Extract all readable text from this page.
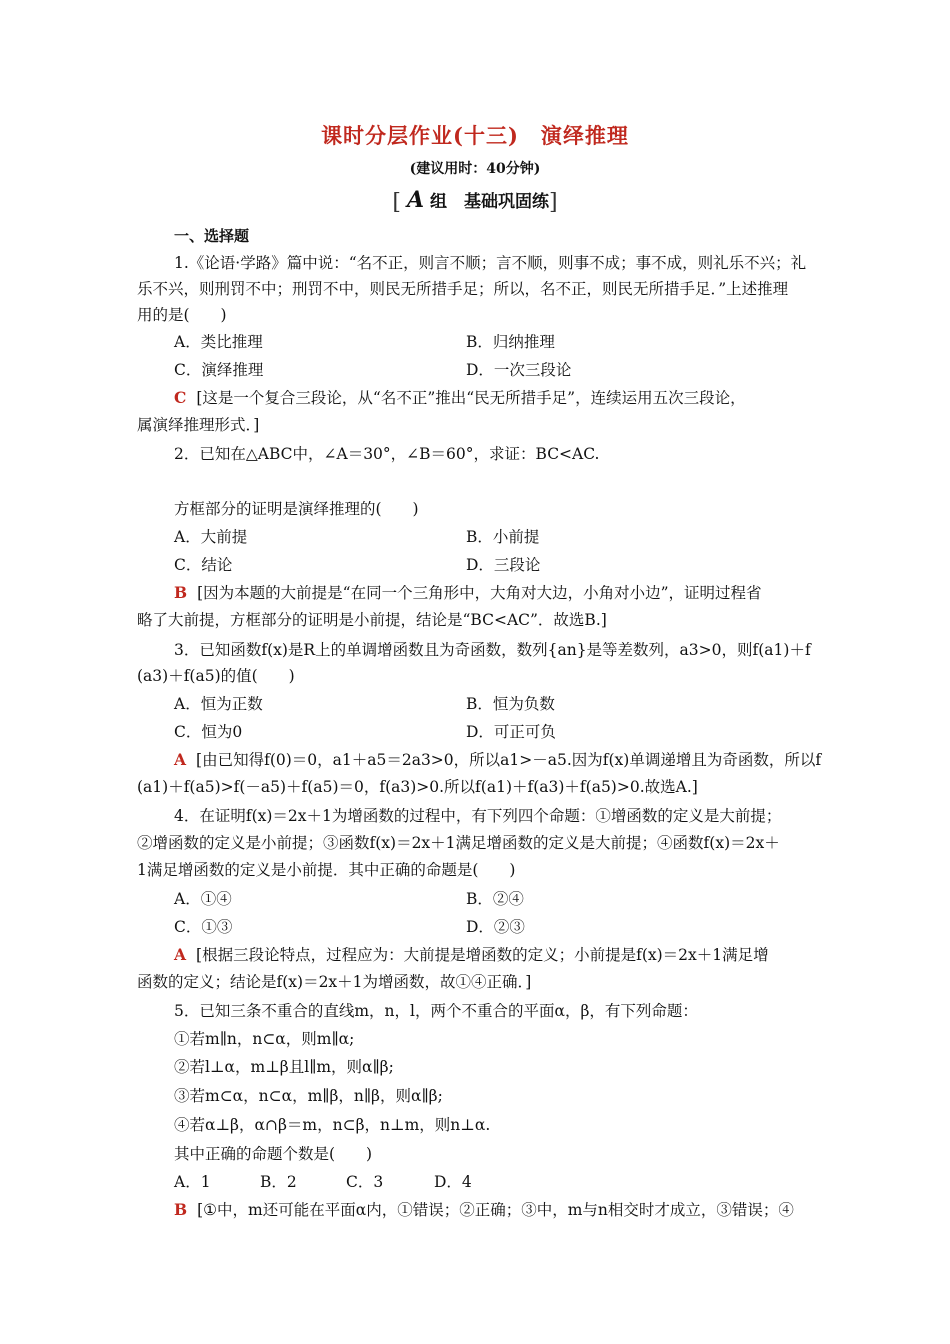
课时分层作业(十三)　演绎推理
(建议用时：40分钟)
[ A 组　基础巩固练]
一、选择题
1.《论语·学路》篇中说：“名不正，则言不顺；言不顺，则事不成；事不成，则礼乐不兴；礼
乐不兴，则刑罚不中；刑罚不中，则民无所措手足；所以，名不正，则民无所措手足．”上述推理
用的是(　　)
A．类比推理	B．归纳推理
C．演绎推理	D．一次三段论
C [这是一个复合三段论，从“名不正”推出“民无所措手足”，连续运用五次三段论，
属演绎推理形式．]
2．已知在△ABC中，∠A＝30°，∠B＝60°，求证：BC<AC.
方框部分的证明是演绎推理的(　　)
A．大前提	B．小前提
C．结论	D．三段论
B [因为本题的大前提是“在同一个三角形中，大角对大边，小角对小边”，证明过程省
略了大前提，方框部分的证明是小前提，结论是“BC<AC”．故选B.]
3．已知函数f(x)是R上的单调增函数且为奇函数，数列{an}是等差数列，a3>0，则f(a1)＋f
(a3)＋f(a5)的值(　　)
A．恒为正数	B．恒为负数
C．恒为0	D．可正可负
A [由已知得f(0)＝0，a1＋a5＝2a3>0，所以a1>－a5.因为f(x)单调递增且为奇函数，所以f
(a1)＋f(a5)>f(－a5)＋f(a5)＝0，f(a3)>0.所以f(a1)＋f(a3)＋f(a5)>0.故选A.]
4．在证明f(x)＝2x＋1为增函数的过程中，有下列四个命题：①增函数的定义是大前提；
②增函数的定义是小前提；③函数f(x)＝2x＋1满足增函数的定义是大前提；④函数f(x)＝2x＋
1满足增函数的定义是小前提．其中正确的命题是(　　)
A．①④	B．②④
C．①③	D．②③
A [根据三段论特点，过程应为：大前提是增函数的定义；小前提是f(x)＝2x＋1满足增
函数的定义；结论是f(x)＝2x＋1为增函数，故①④正确．]
5．已知三条不重合的直线m，n，l，两个不重合的平面α，β，有下列命题：
①若m∥n，n⊂α，则m∥α;
②若l⊥α，m⊥β且l∥m，则α∥β;
③若m⊂α，n⊂α，m∥β，n∥β，则α∥β;
④若α⊥β，α∩β＝m，n⊂β，n⊥m，则n⊥α.
其中正确的命题个数是(　　)
A．1	B．2	C．3	D．4
B [①中，m还可能在平面α内，①错误；②正确；③中，m与n相交时才成立，③错误；④
